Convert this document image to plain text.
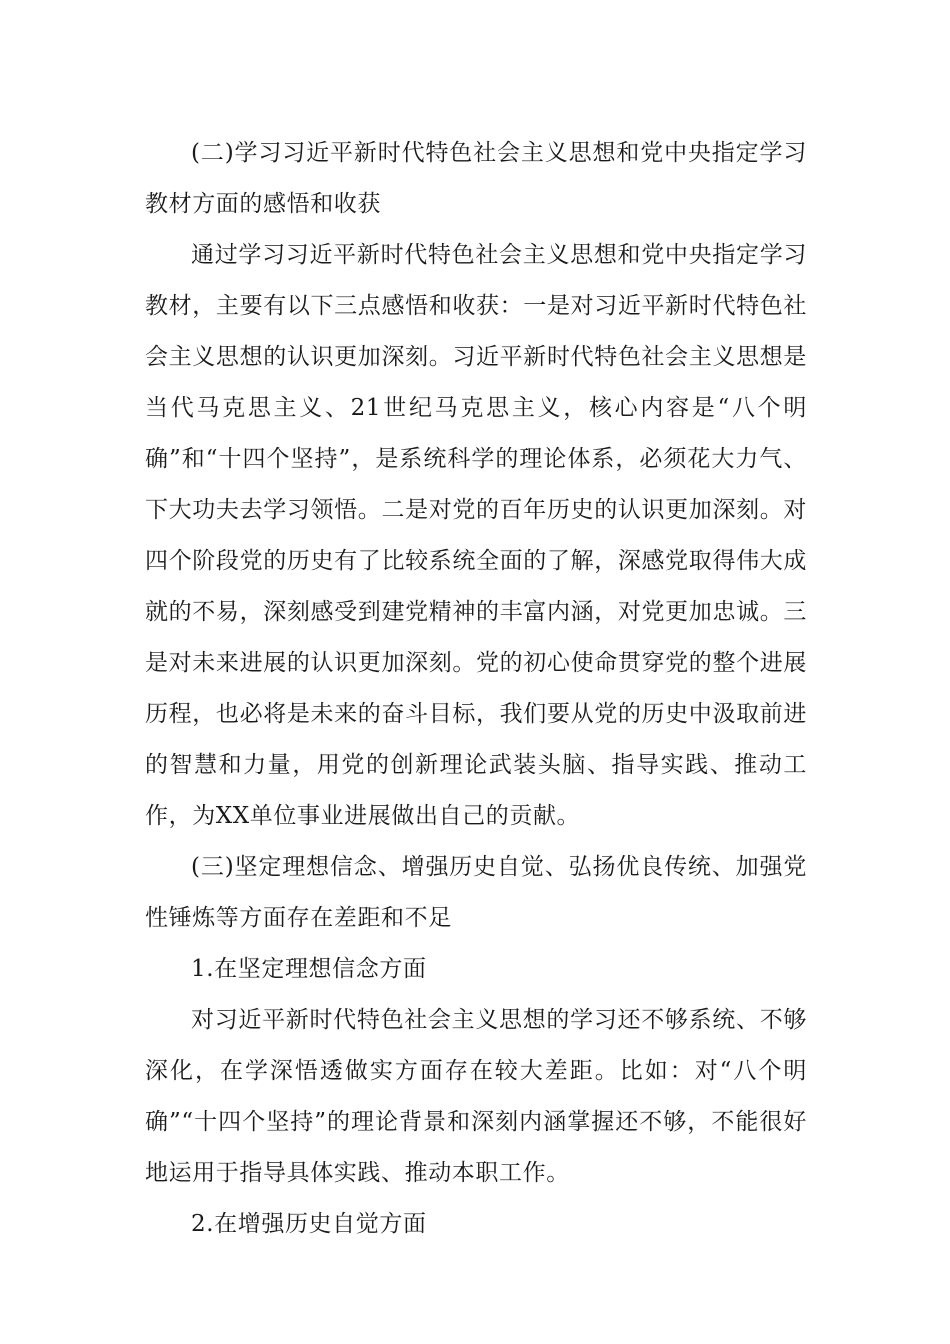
(二)学习习近平新时代特色社会主义思想和党中央指定学习教材方面的感悟和收获

通过学习习近平新时代特色社会主义思想和党中央指定学习教材，主要有以下三点感悟和收获：一是对习近平新时代特色社会主义思想的认识更加深刻。习近平新时代特色社会主义思想是当代马克思主义、21世纪马克思主义，核心内容是“八个明确”和“十四个坚持”，是系统科学的理论体系，必须花大力气、下大功夫去学习领悟。二是对党的百年历史的认识更加深刻。对四个阶段党的历史有了比较系统全面的了解，深感党取得伟大成就的不易，深刻感受到建党精神的丰富内涵，对党更加忠诚。三是对未来进展的认识更加深刻。党的初心使命贯穿党的整个进展历程，也必将是未来的奋斗目标，我们要从党的历史中汲取前进的智慧和力量，用党的创新理论武装头脑、指导实践、推动工作，为XX单位事业进展做出自己的贡献。

(三)坚定理想信念、增强历史自觉、弘扬优良传统、加强党性锤炼等方面存在差距和不足

1.在坚定理想信念方面

对习近平新时代特色社会主义思想的学习还不够系统、不够深化，在学深悟透做实方面存在较大差距。比如：对“八个明确”“十四个坚持”的理论背景和深刻内涵掌握还不够，不能很好地运用于指导具体实践、推动本职工作。

2.在增强历史自觉方面
